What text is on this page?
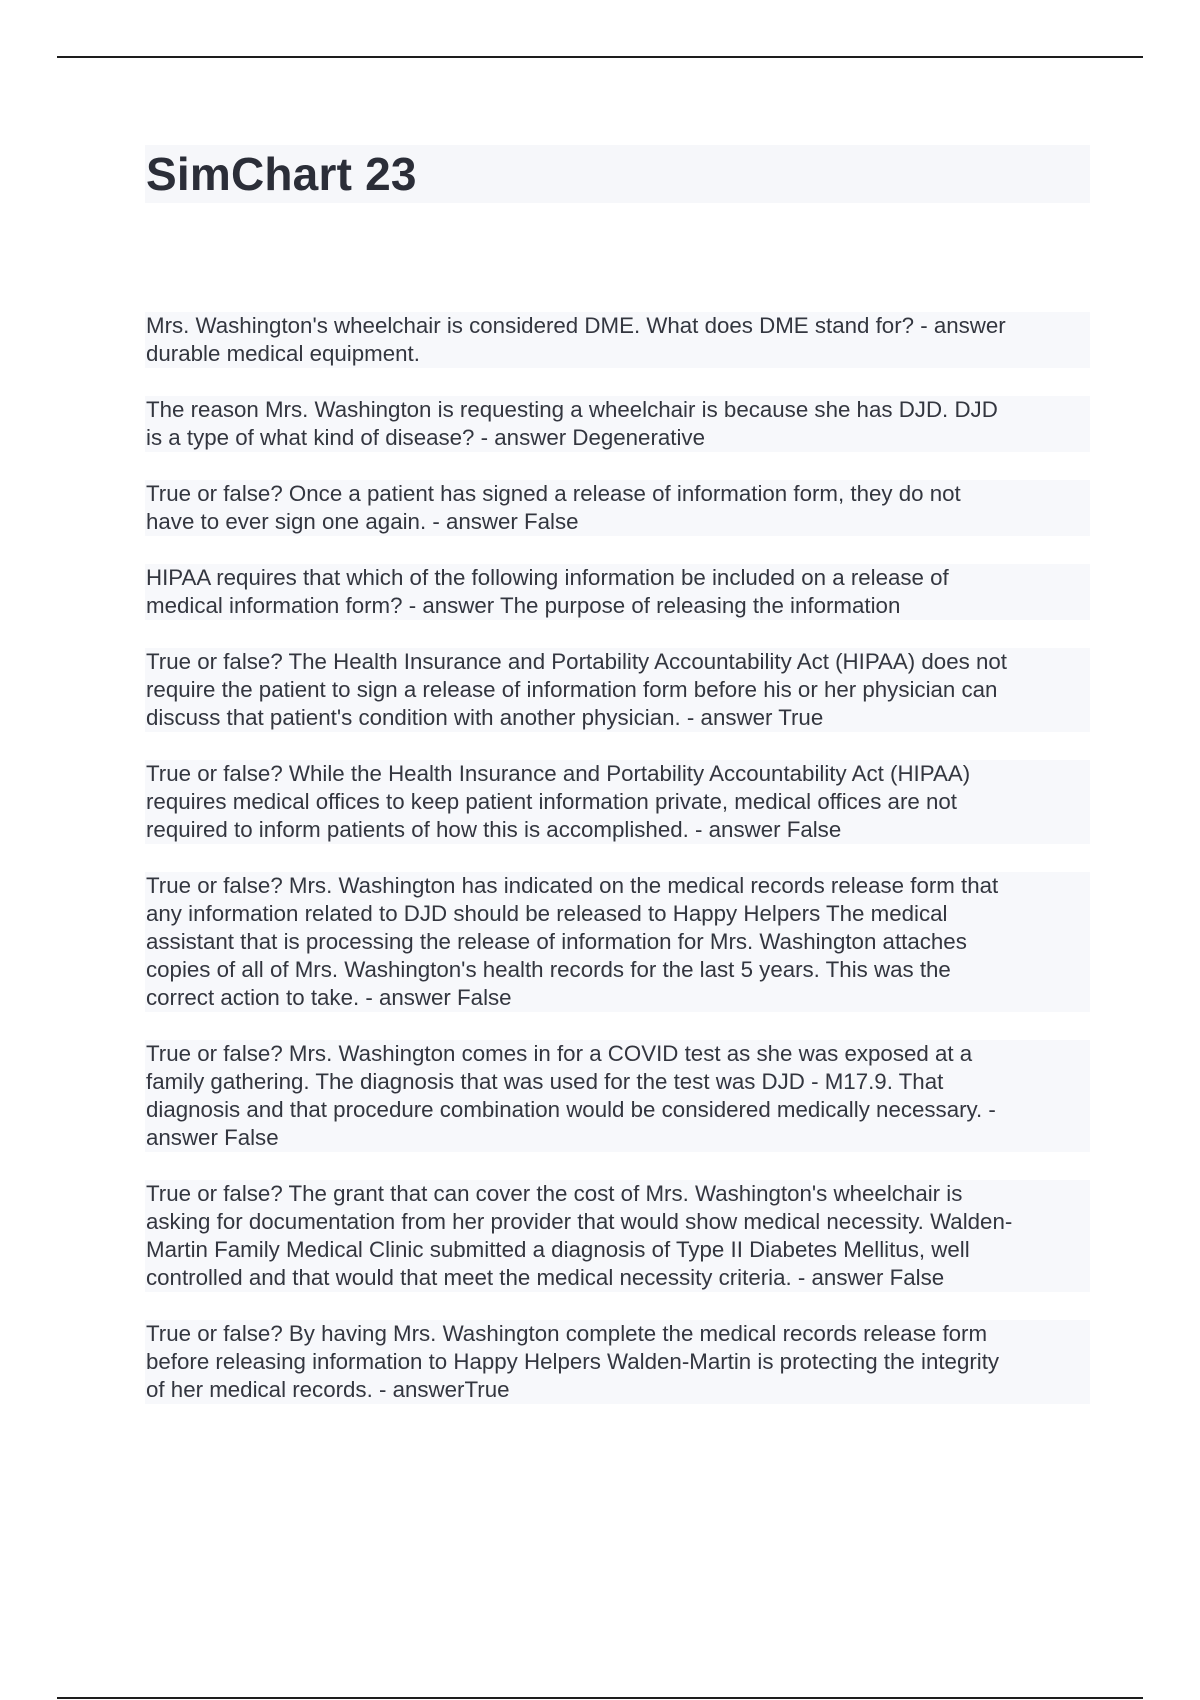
SimChart 23

Mrs. Washington's wheelchair is considered DME. What does DME stand for? - answer
durable medical equipment.

The reason Mrs. Washington is requesting a wheelchair is because she has DJD. DJD
is a type of what kind of disease? - answer Degenerative

True or false? Once a patient has signed a release of information form, they do not
have to ever sign one again. - answer False

HIPAA requires that which of the following information be included on a release of
medical information form? - answer The purpose of releasing the information

True or false? The Health Insurance and Portability Accountability Act (HIPAA) does not
require the patient to sign a release of information form before his or her physician can
discuss that patient's condition with another physician. - answer True

True or false? While the Health Insurance and Portability Accountability Act (HIPAA)
requires medical offices to keep patient information private, medical offices are not
required to inform patients of how this is accomplished. - answer False

True or false? Mrs. Washington has indicated on the medical records release form that
any information related to DJD should be released to Happy Helpers The medical
assistant that is processing the release of information for Mrs. Washington attaches
copies of all of Mrs. Washington's health records for the last 5 years. This was the
correct action to take. - answer False

True or false? Mrs. Washington comes in for a COVID test as she was exposed at a
family gathering. The diagnosis that was used for the test was DJD - M17.9. That
diagnosis and that procedure combination would be considered medically necessary. -
answer False

True or false? The grant that can cover the cost of Mrs. Washington's wheelchair is
asking for documentation from her provider that would show medical necessity. Walden-
Martin Family Medical Clinic submitted a diagnosis of Type II Diabetes Mellitus, well
controlled and that would that meet the medical necessity criteria. - answer False

True or false? By having Mrs. Washington complete the medical records release form
before releasing information to Happy Helpers Walden-Martin is protecting the integrity
of her medical records. - answerTrue
